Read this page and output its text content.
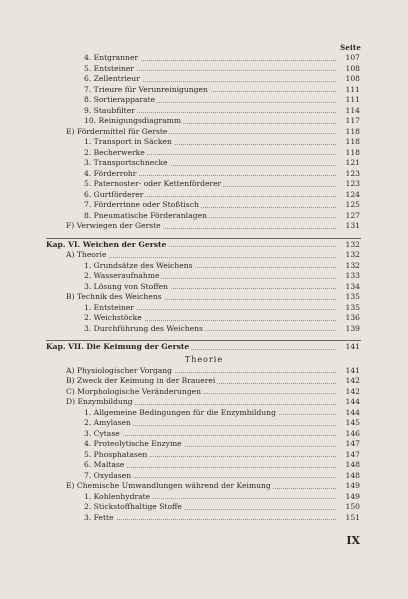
Seite
4. Entgranner	107
5. Entsteiner	108
6. Zellentrieur	108
7. Trieure für Verunreinigungen	111
8. Sortierapparate	111
9. Staubfilter	114
10. Reinigungsdiagramm	117
E) Fördermittel für Gerste	118
1. Transport in Säcken	118
2. Becherwerke	118
3. Transportschnecke	121
4. Förderrohr	123
5. Paternoster- oder Kettenförderer	123
6. Gurtförderer	124
7. Förderrinne oder Stoßtisch	125
8. Pneumatische Förderanlagen	127
F) Verwiegen der Gerste	131
Kap. VI. Weichen der Gerste	132
A) Theorie	132
1. Grundsätze des Weichens	132
2. Wasseraufnahme	133
3. Lösung von Stoffen	134
B) Technik des Weichens	135
1. Entsteiner	135
2. Weichstöcke	136
3. Durchführung des Weichens	139
Kap. VII. Die Keimung der Gerste	141
Theorie
A) Physiologischer Vorgang	141
B) Zweck der Keimung in der Brauerei	142
C) Morphologische Veränderungen	142
D) Enzymbildung	144
1. Allgemeine Bedingungen für die Enzymbildung	144
2. Amylasen	145
3. Cytase	146
4. Proteolytische Enzyme	147
5. Phosphatasen	147
6. Maltase	148
7. Oxydasen	148
E) Chemische Umwandlungen während der Keimung	149
1. Kohlenhydrate	149
2. Stickstoffhaltige Stoffe	150
3. Fette	151
IX
